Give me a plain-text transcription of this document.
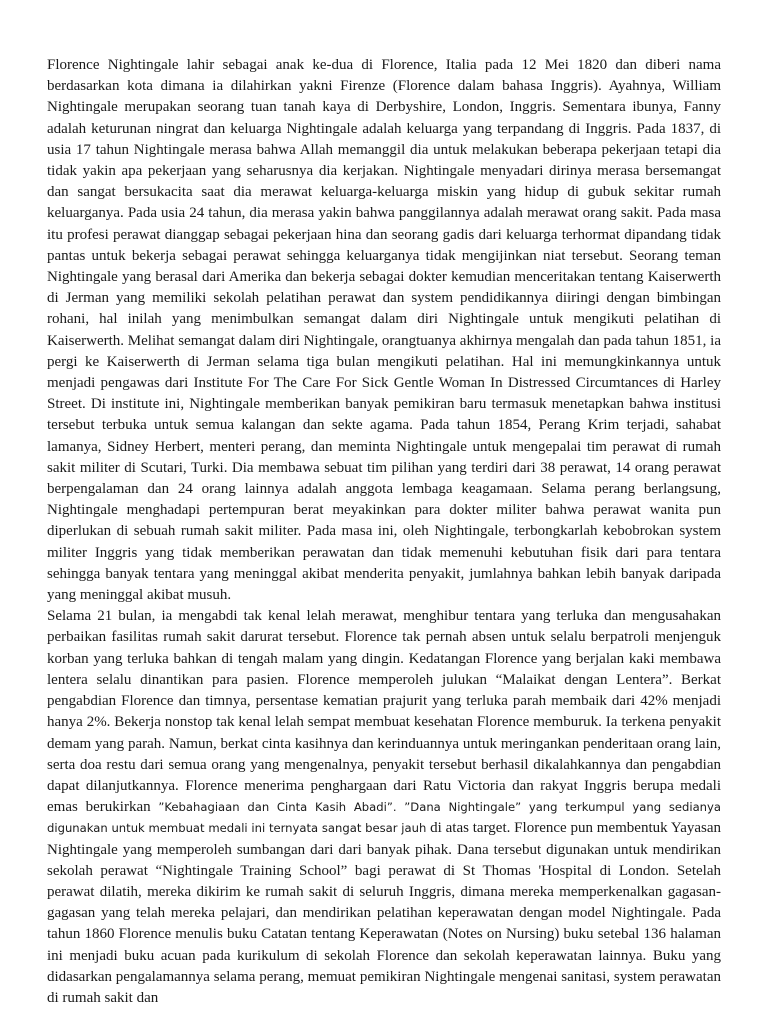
Florence Nightingale lahir sebagai anak ke-dua di Florence, Italia pada 12 Mei 1820 dan diberi nama berdasarkan kota dimana ia dilahirkan yakni Firenze (Florence dalam bahasa Inggris). Ayahnya, William Nightingale merupakan seorang tuan tanah kaya di Derbyshire, London, Inggris. Sementara ibunya, Fanny adalah keturunan ningrat dan keluarga Nightingale adalah keluarga yang terpandang di Inggris. Pada 1837, di usia 17 tahun Nightingale merasa bahwa Allah memanggil dia untuk melakukan beberapa pekerjaan tetapi dia tidak yakin apa pekerjaan yang seharusnya dia kerjakan. Nightingale menyadari dirinya merasa bersemangat dan sangat bersukacita saat dia merawat keluarga-keluarga miskin yang hidup di gubuk sekitar rumah keluarganya. Pada usia 24 tahun, dia merasa yakin bahwa panggilannya adalah merawat orang sakit. Pada masa itu profesi perawat dianggap sebagai pekerjaan hina dan seorang gadis dari keluarga terhormat dipandang tidak pantas untuk bekerja sebagai perawat sehingga keluarganya tidak mengijinkan niat tersebut. Seorang teman Nightingale yang berasal dari Amerika dan bekerja sebagai dokter kemudian menceritakan tentang Kaiserwerth di Jerman yang memiliki sekolah pelatihan perawat dan system pendidikannya diiringi dengan bimbingan rohani, hal inilah yang menimbulkan semangat dalam diri Nightingale untuk mengikuti pelatihan di Kaiserwerth. Melihat semangat dalam diri Nightingale, orangtuanya akhirnya mengalah dan pada tahun 1851, ia pergi ke Kaiserwerth di Jerman selama tiga bulan mengikuti pelatihan. Hal ini memungkinkannya untuk menjadi pengawas dari Institute For The Care For Sick Gentle Woman In Distressed Circumtances di Harley Street. Di institute ini, Nightingale memberikan banyak pemikiran baru termasuk menetapkan bahwa institusi tersebut terbuka untuk semua kalangan dan sekte agama. Pada tahun 1854, Perang Krim terjadi, sahabat lamanya, Sidney Herbert, menteri perang, dan meminta Nightingale untuk mengepalai tim perawat di rumah sakit militer di Scutari, Turki. Dia membawa sebuat tim pilihan yang terdiri dari 38 perawat, 14 orang perawat berpengalaman dan 24 orang lainnya adalah anggota lembaga keagamaan. Selama perang berlangsung, Nightingale menghadapi pertempuran berat meyakinkan para dokter militer bahwa perawat wanita pun diperlukan di sebuah rumah sakit militer. Pada masa ini, oleh Nightingale, terbongkarlah kebobrokan system militer Inggris yang tidak memberikan perawatan dan tidak memenuhi kebutuhan fisik dari para tentara sehingga banyak tentara yang meninggal akibat menderita penyakit, jumlahnya bahkan lebih banyak daripada yang meninggal akibat musuh.

Selama 21 bulan, ia mengabdi tak kenal lelah merawat, menghibur tentara yang terluka dan mengusahakan perbaikan fasilitas rumah sakit darurat tersebut. Florence tak pernah absen untuk selalu berpatroli menjenguk korban yang terluka bahkan di tengah malam yang dingin. Kedatangan Florence yang berjalan kaki membawa lentera selalu dinantikan para pasien. Florence memperoleh julukan “Malaikat dengan Lentera”. Berkat pengabdian Florence dan timnya, persentase kematian prajurit yang terluka parah membaik dari 42% menjadi hanya 2%. Bekerja nonstop tak kenal lelah sempat membuat kesehatan Florence memburuk. Ia terkena penyakit demam yang parah. Namun, berkat cinta kasihnya dan kerinduannya untuk meringankan penderitaan orang lain, serta doa restu dari semua orang yang mengenalnya, penyakit tersebut berhasil dikalahkannya dan pengabdian dapat dilanjutkannya. Florence menerima penghargaan dari Ratu Victoria dan rakyat Inggris berupa medali emas berukirkan ”Kebahagiaan dan Cinta Kasih Abadi”. ”Dana Nightingale” yang terkumpul yang sedianya digunakan untuk membuat medali ini ternyata sangat besar jauh di atas target. Florence pun membentuk Yayasan Nightingale yang memperoleh sumbangan dari dari banyak pihak. Dana tersebut digunakan untuk mendirikan sekolah perawat “Nightingale Training School” bagi perawat di St Thomas 'Hospital di London. Setelah perawat dilatih, mereka dikirim ke rumah sakit di seluruh Inggris, dimana mereka memperkenalkan gagasan-gagasan yang telah mereka pelajari, dan mendirikan pelatihan keperawatan dengan model Nightingale. Pada tahun 1860 Florence menulis buku Catatan tentang Keperawatan (Notes on Nursing) buku setebal 136 halaman ini menjadi buku acuan pada kurikulum di sekolah Florence dan sekolah keperawatan lainnya. Buku yang didasarkan pengalamannya selama perang, memuat pemikiran Nightingale mengenai sanitasi, system perawatan di rumah sakit dan
